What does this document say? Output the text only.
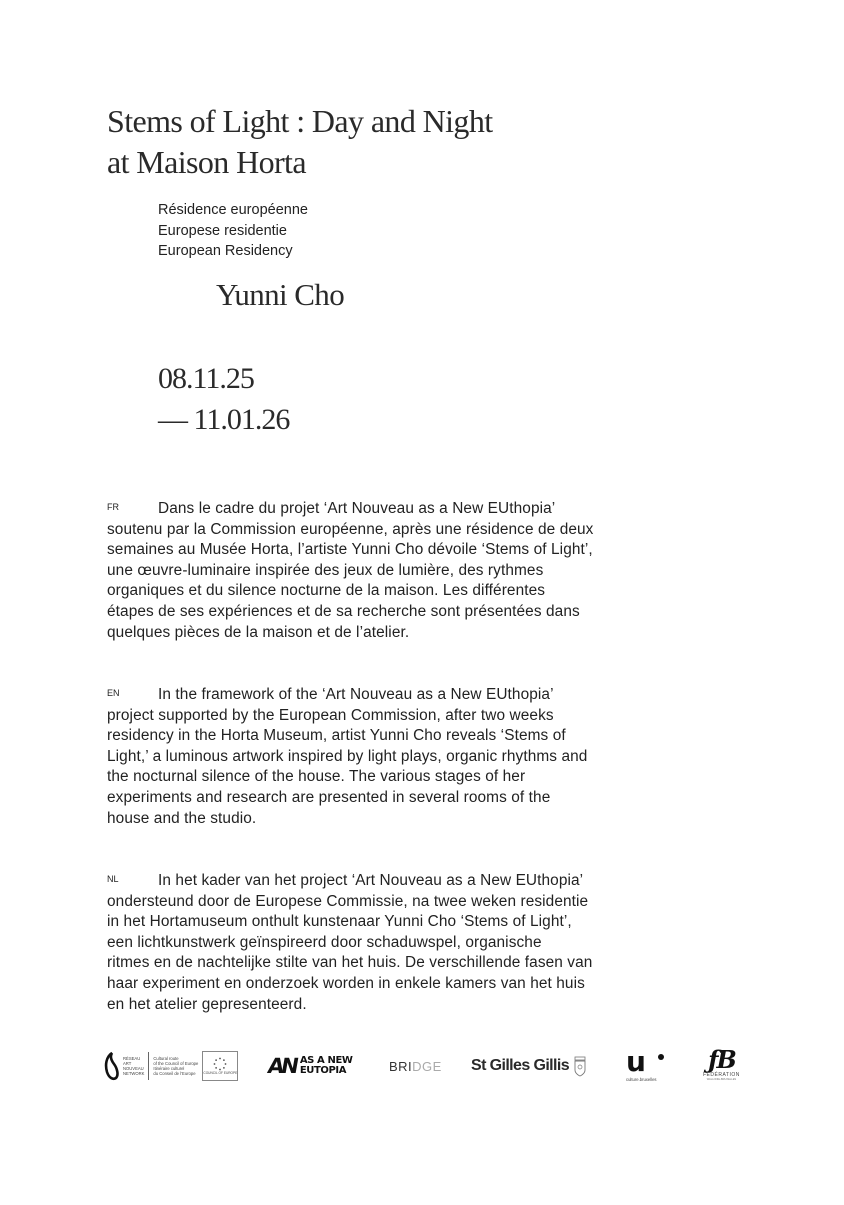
Stems of Light : Day and Night
at Maison Horta
Résidence européenne
Europese residentie
European Residency
Yunni Cho
08.11.25
— 11.01.26
FR	Dans le cadre du projet ‘Art Nouveau as a New EUthopia’
soutenu par la Commission européenne, après une résidence de deux
semaines au Musée Horta, l’artiste Yunni Cho dévoile ‘Stems of Light’,
une œuvre-luminaire inspirée des jeux de lumière, des rythmes
organiques et du silence nocturne de la maison. Les différentes
étapes de ses expériences et de sa recherche sont présentées dans
quelques pièces de la maison et de l’atelier.
EN	In the framework of the ‘Art Nouveau as a New EUthopia’
project supported by the European Commission, after two weeks
residency in the Horta Museum, artist Yunni Cho reveals ‘Stems of
Light,’ a luminous artwork inspired by light plays, organic rhythms and
the nocturnal silence of the house. The various stages of her
experiments and research are presented in several rooms of the
house and the studio.
NL	In het kader van het project ‘Art Nouveau as a New EUthopia’
ondersteund door de Europese Commissie, na twee weken residentie
in het Hortamuseum onthult kunstenaar Yunni Cho ‘Stems of Light’,
een lichtkunstwerk geïnspireerd door schaduwspel, organische
ritmes en de nachtelijke stilte van het huis. De verschillende fasen van
haar experiment en onderzoek worden in enkele kamers van het huis
en het atelier gepresenteerd.
RÉSEAU
ART
NOUVEAU
NETWORK
Cultural route
of the Council of Europe
Itinéraire culturel
du Conseil de l’Europe	COUNCIL OF EUROPE AN AS A NEW
EUTOPIA	BRI DGE St Gilles Gillis u
culture.bruxelles
ƒB
FÉDÉRATION
WALLONIE-BRUXELLES
